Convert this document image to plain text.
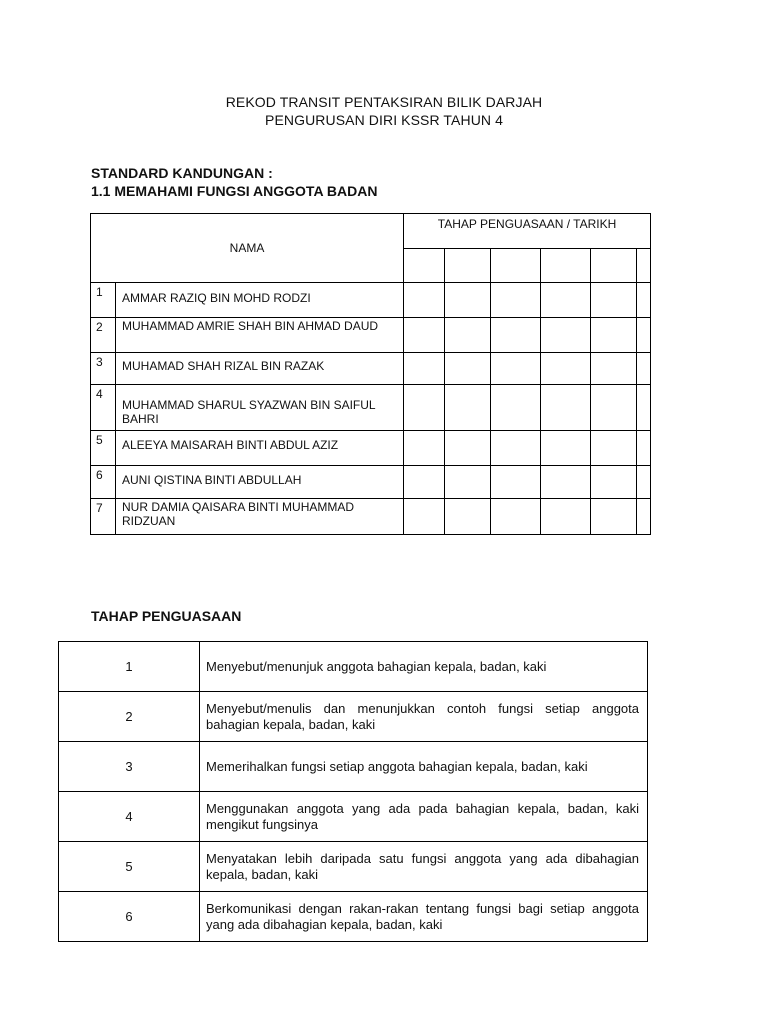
REKOD TRANSIT PENTAKSIRAN BILIK DARJAH
PENGURUSAN DIRI KSSR TAHUN 4
STANDARD KANDUNGAN :
1.1 MEMAHAMI FUNGSI ANGGOTA BADAN
NAMA		TAHAP PENGUASAAN / TARIKH					

1	AMMAR RAZIQ BIN MOHD RODZI						
2	MUHAMMAD AMRIE SHAH BIN AHMAD DAUD						
3	MUHAMAD SHAH RIZAL BIN RAZAK						
4	MUHAMMAD SHARUL SYAZWAN BIN SAIFUL BAHRI						
5	ALEEYA MAISARAH BINTI ABDUL AZIZ						
6	AUNI QISTINA BINTI ABDULLAH						
7	NUR DAMIA QAISARA BINTI MUHAMMAD RIDZUAN						
TAHAP PENGUASAAN
1	Menyebut/menunjuk anggota bahagian kepala, badan, kaki
2	Menyebut/menulis dan menunjukkan contoh fungsi setiap anggota bahagian kepala, badan, kaki
3	Memerihalkan fungsi setiap anggota bahagian kepala, badan, kaki
4	Menggunakan anggota yang ada pada bahagian kepala, badan, kaki mengikut fungsinya
5	Menyatakan lebih daripada satu fungsi anggota yang ada dibahagian kepala, badan, kaki
6	Berkomunikasi dengan rakan-rakan tentang fungsi bagi setiap anggota yang ada dibahagian kepala, badan, kaki
